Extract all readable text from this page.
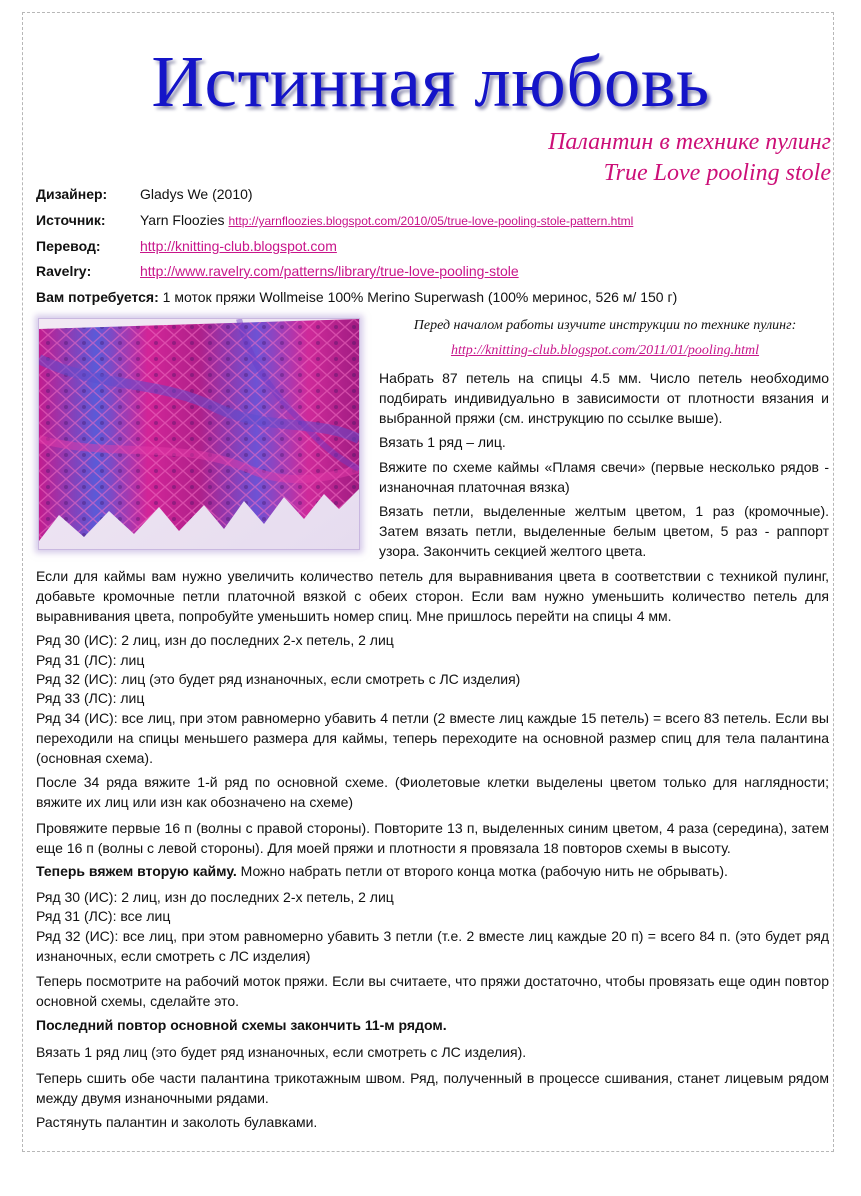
Истинная любовь
Палантин в технике пулинг
True Love pooling stole
Дизайнер: Gladys We (2010)
Источник: Yarn Floozies http://yarnfloozies.blogspot.com/2010/05/true-love-pooling-stole-pattern.html
Перевод:	http://knitting-club.blogspot.com
Ravelry:	http://www.ravelry.com/patterns/library/true-love-pooling-stole
Вам потребуется: 1 моток пряжи Wollmeise 100% Merino Superwash (100% меринос, 526 м/ 150 г)
Перед началом работы изучите инструкции по технике пулинг:
http://knitting-club.blogspot.com/2011/01/pooling.html

Набрать 87 петель на спицы 4.5 мм. Число петель необходимо подбирать индивидуально в зависимости от плотности вязания и выбранной пряжи (см. инструкцию по ссылке выше).

Вязать 1 ряд – лиц.

Вяжите по схеме каймы «Пламя свечи» (первые несколько рядов - изнаночная платочная вязка)

Вязать петли, выделенные желтым цветом, 1 раз (кромочные). Затем вязать петли, выделенные белым цветом, 5 раз - раппорт узора. Закончить секцией желтого цвета.

Если для каймы вам нужно увеличить количество петель для выравнивания цвета в соответствии с техникой пулинг, добавьте кромочные петли платочной вязкой с обеих сторон. Если вам нужно уменьшить количество петель для выравнивания цвета, попробуйте уменьшить номер спиц. Мне пришлось перейти на спицы 4 мм.

Ряд 30 (ИС): 2 лиц, изн до последних 2-х петель, 2 лиц

Ряд 31 (ЛС): лиц

Ряд 32 (ИС): лиц (это будет ряд изнаночных, если смотреть с ЛС изделия)

Ряд 33 (ЛС): лиц

Ряд 34 (ИС): все лиц, при этом равномерно убавить 4 петли (2 вместе лиц каждые 15 петель) = всего 83 петель. Если вы переходили на спицы меньшего размера для каймы, теперь переходите на основной размер спиц для тела палантина (основная схема).

После 34 ряда вяжите 1-й ряд по основной схеме. (Фиолетовые клетки выделены цветом только для наглядности; вяжите их лиц или изн как обозначено на схеме)

Провяжите первые 16 п (волны с правой стороны). Повторите 13 п, выделенных синим цветом, 4 раза (середина), затем еще 16 п (волны с левой стороны). Для моей пряжи и плотности я провязала 18 повторов схемы в высоту.

Теперь вяжем вторую кайму. Можно набрать петли от второго конца мотка (рабочую нить не обрывать).

Ряд 30 (ИС): 2 лиц, изн до последних 2-х петель, 2 лиц

Ряд 31 (ЛС): все лиц

Ряд 32 (ИС): все лиц, при этом равномерно убавить 3 петли (т.е. 2 вместе лиц каждые 20 п) = всего 84 п. (это будет ряд изнаночных, если смотреть с ЛС изделия)

Теперь посмотрите на рабочий моток пряжи. Если вы считаете, что пряжи достаточно, чтобы провязать еще один повтор основной схемы, сделайте это.

Последний повтор основной схемы закончить 11-м рядом.

Вязать 1 ряд лиц (это будет ряд изнаночных, если смотреть с ЛС изделия).

Теперь сшить обе части палантина трикотажным швом. Ряд, полученный в процессе сшивания, станет лицевым рядом между двумя изнаночными рядами.

Растянуть палантин и заколоть булавками.
